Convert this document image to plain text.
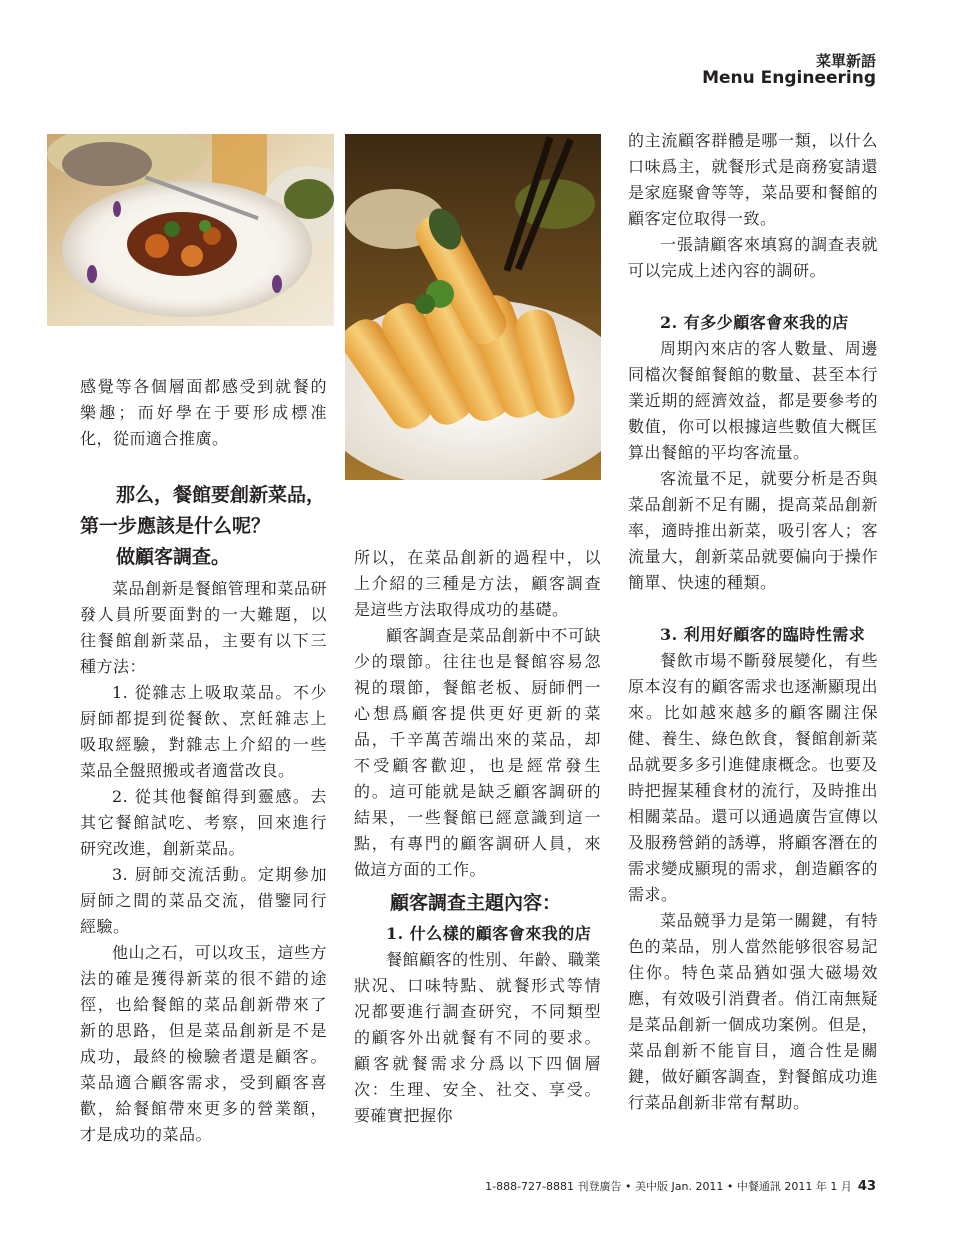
菜單新語
Menu Engineering

感覺等各個層面都感受到就餐的樂趣；而好學在于要形成標准化，從而適合推廣。

那么，餐館要創新菜品，
第一步應該是什么呢？
做顧客調查。

菜品創新是餐館管理和菜品研發人員所要面對的一大難題，以往餐館創新菜品，主要有以下三種方法：

1. 從雜志上吸取菜品。不少厨師都提到從餐飲、烹飪雜志上吸取經驗，對雜志上介紹的一些菜品全盤照搬或者適當改良。

2. 從其他餐館得到靈感。去其它餐館試吃、考察，回來進行研究改進，創新菜品。

3. 厨師交流活動。定期參加厨師之間的菜品交流，借鑒同行經驗。

他山之石，可以攻玉，這些方法的確是獲得新菜的很不錯的途徑，也給餐館的菜品創新帶來了新的思路，但是菜品創新是不是成功，最終的檢驗者還是顧客。菜品適合顧客需求，受到顧客喜歡，給餐館帶來更多的營業額，才是成功的菜品。

所以，在菜品創新的過程中，以上介紹的三種是方法，顧客調查是這些方法取得成功的基礎。

顧客調查是菜品創新中不可缺少的環節。往往也是餐館容易忽視的環節，餐館老板、厨師們一心想爲顧客提供更好更新的菜品，千辛萬苦端出來的菜品，却不受顧客歡迎，也是經常發生的。這可能就是缺乏顧客調研的結果，一些餐館已經意識到這一點，有專門的顧客調研人員，來做這方面的工作。

顧客調查主題內容：

1. 什么樣的顧客會來我的店

餐館顧客的性別、年齡、職業狀况、口味特點、就餐形式等情况都要進行調查研究，不同類型的顧客外出就餐有不同的要求。顧客就餐需求分爲以下四個層次：生理、安全、社交、享受。要確實把握你

的主流顧客群體是哪一類，以什么口味爲主，就餐形式是商務宴請還是家庭聚會等等，菜品要和餐館的顧客定位取得一致。

一張請顧客來填寫的調查表就可以完成上述內容的調研。

2. 有多少顧客會來我的店

周期內來店的客人數量、周邊同檔次餐館餐館的數量、甚至本行業近期的經濟效益，都是要參考的數值，你可以根據這些數值大概匡算出餐館的平均客流量。

客流量不足，就要分析是否與菜品創新不足有關，提高菜品創新率，適時推出新菜，吸引客人；客流量大，創新菜品就要偏向于操作簡單、快速的種類。

3. 利用好顧客的臨時性需求

餐飲市場不斷發展變化，有些原本沒有的顧客需求也逐漸顯現出來。比如越來越多的顧客關注保健、養生、綠色飲食，餐館創新菜品就要多多引進健康概念。也要及時把握某種食材的流行，及時推出相關菜品。還可以通過廣告宣傳以及服務營銷的誘導，將顧客潛在的需求變成顯現的需求，創造顧客的需求。

菜品競爭力是第一關鍵，有特色的菜品，別人當然能够很容易記住你。特色菜品猶如强大磁場效應，有效吸引消費者。俏江南無疑是菜品創新一個成功案例。但是，菜品創新不能盲目，適合性是關鍵，做好顧客調查，對餐館成功進行菜品創新非常有幫助。

1-888-727-8881 刊登廣告 • 美中版 Jan. 2011 • 中餐通訊 2011 年 1 月 43
